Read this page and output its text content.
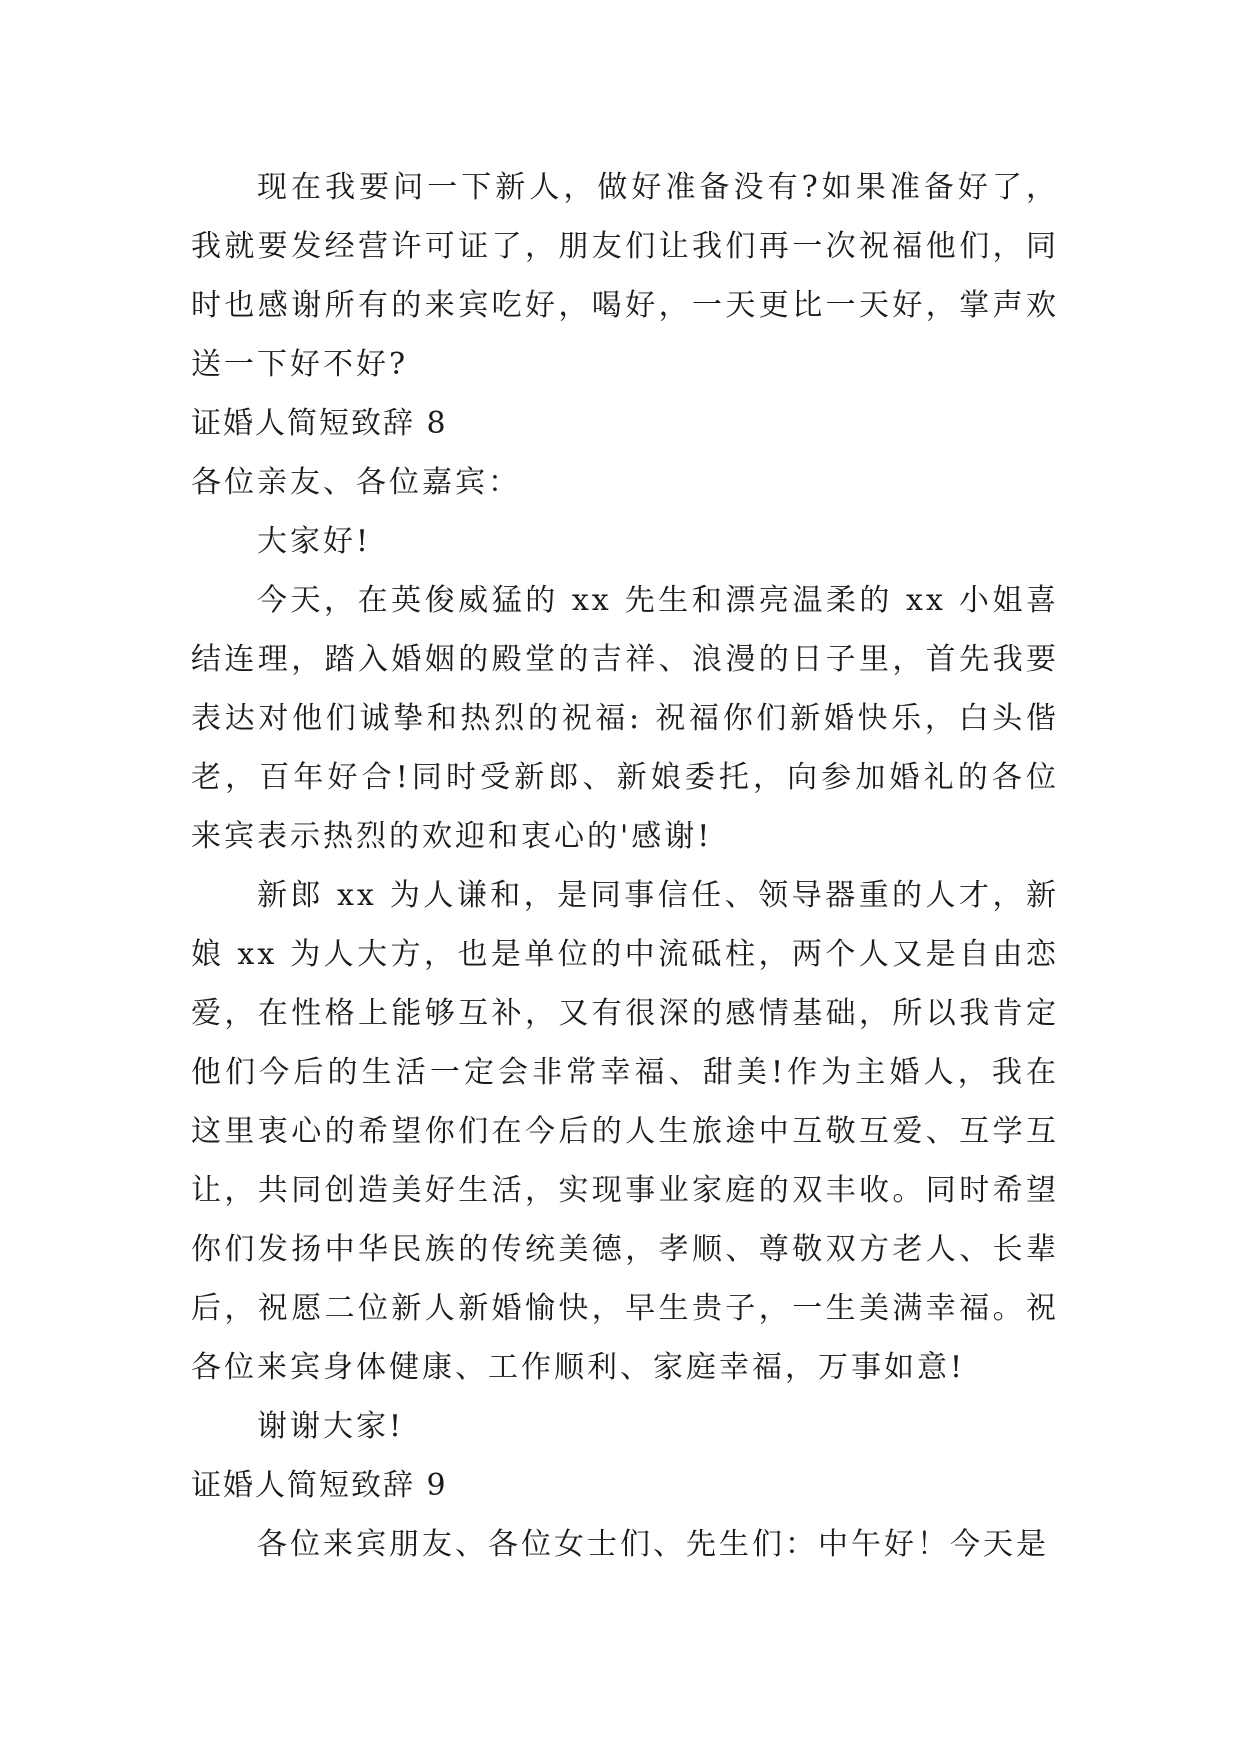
现在我要问一下新人，做好准备没有?如果准备好了，我就要发经营许可证了，朋友们让我们再一次祝福他们，同时也感谢所有的来宾吃好，喝好，一天更比一天好，掌声欢送一下好不好?

证婚人简短致辞 8

各位亲友、各位嘉宾：

大家好!

今天，在英俊威猛的 xx 先生和漂亮温柔的 xx 小姐喜结连理，踏入婚姻的殿堂的吉祥、浪漫的日子里，首先我要表达对他们诚挚和热烈的祝福: 祝福你们新婚快乐，白头偕老，百年好合!同时受新郎、新娘委托，向参加婚礼的各位来宾表示热烈的欢迎和衷心的'感谢!

新郎 xx 为人谦和，是同事信任、领导器重的人才，新娘 xx 为人大方，也是单位的中流砥柱，两个人又是自由恋爱，在性格上能够互补，又有很深的感情基础，所以我肯定他们今后的生活一定会非常幸福、甜美!作为主婚人，我在这里衷心的希望你们在今后的人生旅途中互敬互爱、互学互让，共同创造美好生活，实现事业家庭的双丰收。同时希望你们发扬中华民族的传统美德，孝顺、尊敬双方老人、长辈后，祝愿二位新人新婚愉快，早生贵子，一生美满幸福。祝各位来宾身体健康、工作顺利、家庭幸福，万事如意!

谢谢大家!

证婚人简短致辞 9

各位来宾朋友、各位女士们、先生们：中午好！今天是
